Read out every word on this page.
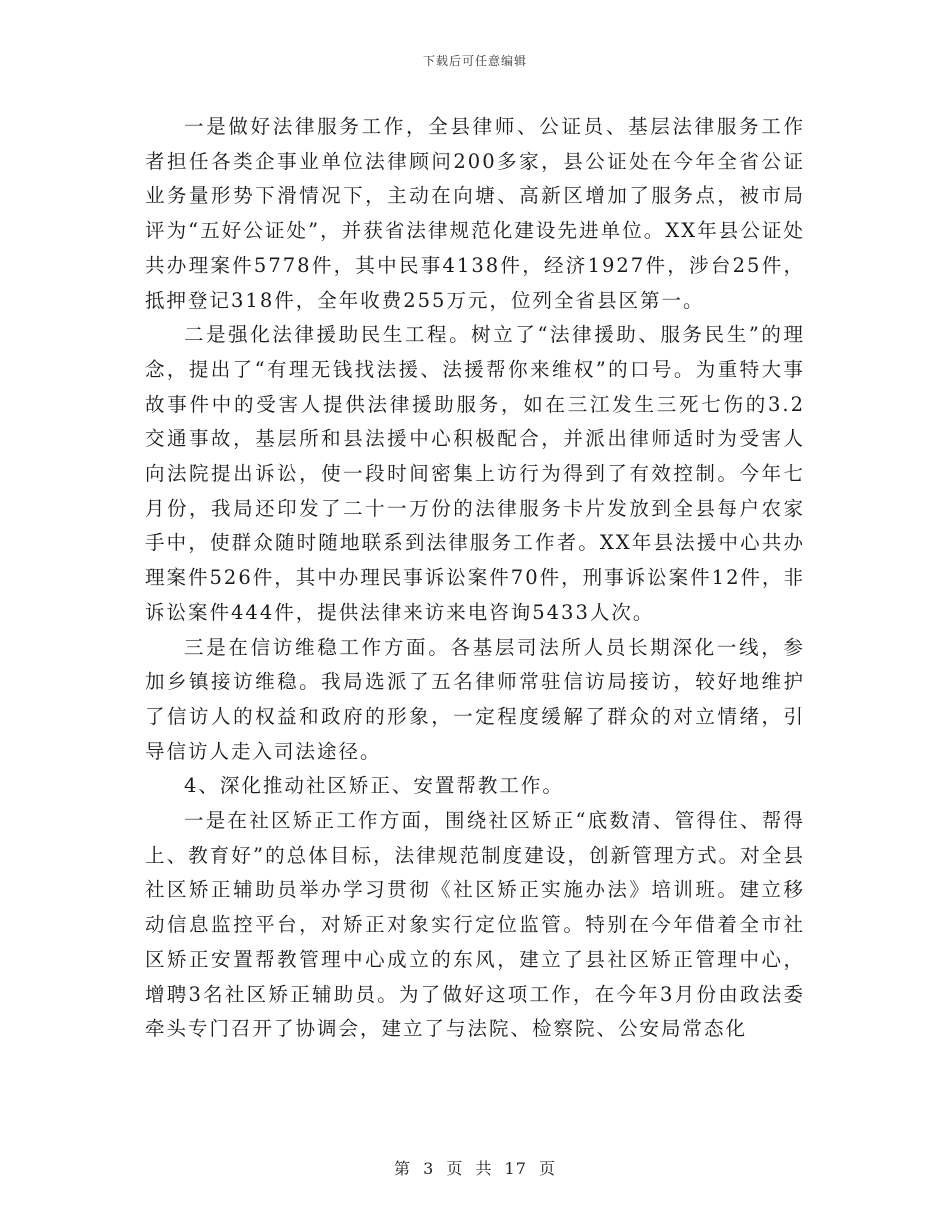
下载后可任意编辑

一是做好法律服务工作，全县律师、公证员、基层法律服务工作者担任各类企事业单位法律顾问200多家，县公证处在今年全省公证业务量形势下滑情况下，主动在向塘、高新区增加了服务点，被市局评为“五好公证处”，并获省法律规范化建设先进单位。XX年县公证处共办理案件5778件，其中民事4138件，经济1927件，涉台25件，抵押登记318件，全年收费255万元，位列全省县区第一。

二是强化法律援助民生工程。树立了“法律援助、服务民生”的理念，提出了“有理无钱找法援、法援帮你来维权”的口号。为重特大事故事件中的受害人提供法律援助服务，如在三江发生三死七伤的3.2交通事故，基层所和县法援中心积极配合，并派出律师适时为受害人向法院提出诉讼，使一段时间密集上访行为得到了有效控制。今年七月份，我局还印发了二十一万份的法律服务卡片发放到全县每户农家手中，使群众随时随地联系到法律服务工作者。XX年县法援中心共办理案件526件，其中办理民事诉讼案件70件，刑事诉讼案件12件，非诉讼案件444件，提供法律来访来电咨询5433人次。

三是在信访维稳工作方面。各基层司法所人员长期深化一线，参加乡镇接访维稳。我局选派了五名律师常驻信访局接访，较好地维护了信访人的权益和政府的形象，一定程度缓解了群众的对立情绪，引导信访人走入司法途径。

4、深化推动社区矫正、安置帮教工作。

一是在社区矫正工作方面，围绕社区矫正“底数清、管得住、帮得上、教育好”的总体目标，法律规范制度建设，创新管理方式。对全县社区矫正辅助员举办学习贯彻《社区矫正实施办法》培训班。建立移动信息监控平台，对矫正对象实行定位监管。特别在今年借着全市社区矫正安置帮教管理中心成立的东风，建立了县社区矫正管理中心，增聘3名社区矫正辅助员。为了做好这项工作，在今年3月份由政法委牵头专门召开了协调会，建立了与法院、检察院、公安局常态化

第 3 页 共 17 页
